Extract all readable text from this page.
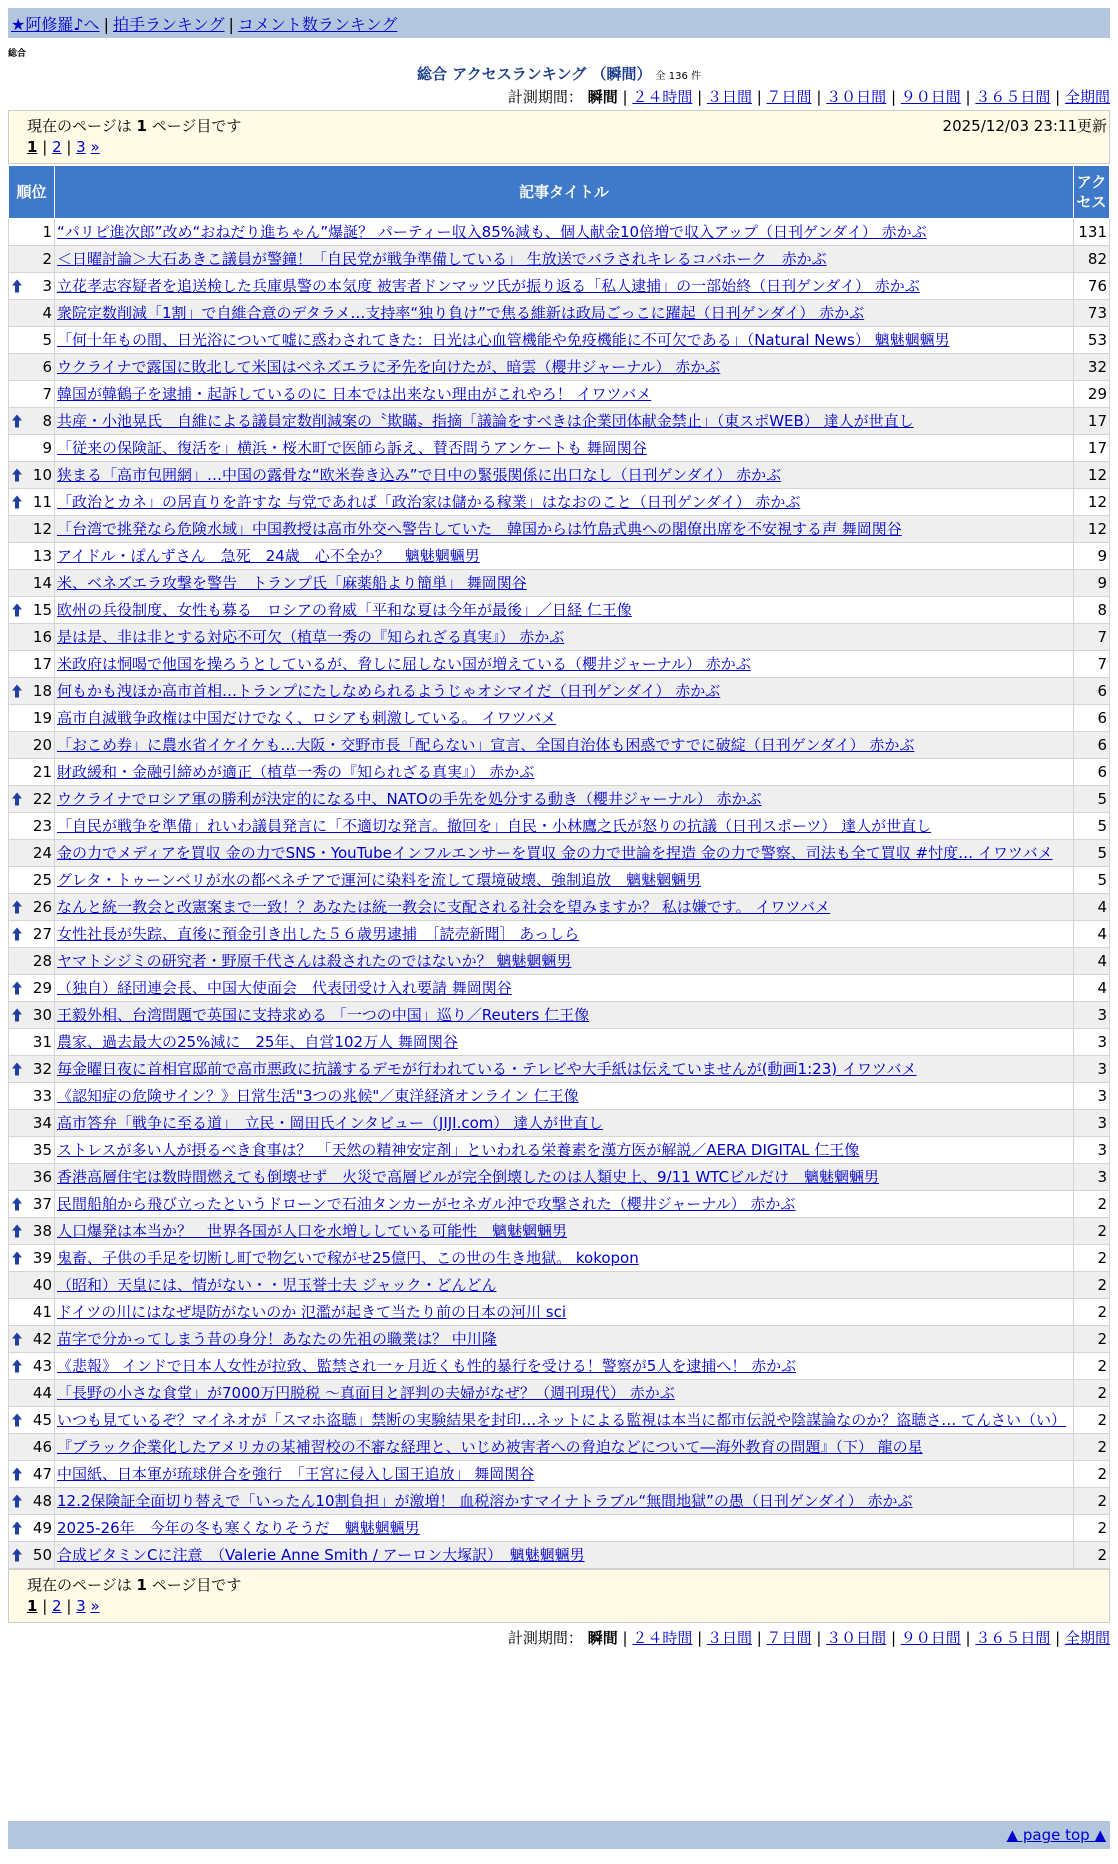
★阿修羅♪へ | 拍手ランキング | コメント数ランキング
総合
総合 アクセスランキング （瞬間） 全 136 件
計測期間： 瞬間 | ２４時間 | ３日間 | ７日間 | ３０日間 | ９０日間 | ３６５日間 | 全期間
現在のページは 1 ページ目です	2025/12/03 23:11更新
1 | 2 | 3 »
順位	記事タイトル	アクセス
1	“パリピ進次郎”改め“おねだり進ちゃん”爆誕？ パーティー収入85%減も、個人献金10倍増で収入アップ（日刊ゲンダイ） 赤かぶ	131
2	＜日曜討論＞大石あきこ議員が警鐘！「自民党が戦争準備している」 生放送でバラされキレるコバホーク　赤かぶ	82

3	立花孝志容疑者を追送検した兵庫県警の本気度 被害者ドンマッツ氏が振り返る「私人逮捕」の一部始終（日刊ゲンダイ） 赤かぶ	76
4	衆院定数削減「1割」で自維合意のデタラメ…支持率“独り負け”で焦る維新は政局ごっこに躍起（日刊ゲンダイ） 赤かぶ	73
5	「何十年もの間、日光浴について嘘に惑わされてきた：日光は心血管機能や免疫機能に不可欠である」（Natural News） 魑魅魍魎男	53
6	ウクライナで露国に敗北して米国はベネズエラに矛先を向けたが、暗雲（櫻井ジャーナル） 赤かぶ	32
7	韓国が韓鶴子を逮捕・起訴しているのに 日本では出来ない理由がこれやろ！ イワツバメ	29

8	共産・小池晃氏　自維による議員定数削減案の〝欺瞞〟指摘「議論をすべきは企業団体献金禁止」（東スポWEB） 達人が世直し	17
9	「従来の保険証、復活を」横浜・桜木町で医師ら訴え、賛否問うアンケートも 舞岡関谷	17

10	狭まる「高市包囲網」…中国の露骨な“欧米巻き込み”で日中の緊張関係に出口なし（日刊ゲンダイ） 赤かぶ	12

11	「政治とカネ」の居直りを許すな 与党であれば「政治家は儲かる稼業」はなおのこと（日刊ゲンダイ） 赤かぶ	12
12	「台湾で挑発なら危険水域」中国教授は高市外交へ警告していた　韓国からは竹島式典への閣僚出席を不安視する声 舞岡関谷	12
13	アイドル・ぽんずさん　急死　24歳　心不全か？　魑魅魍魎男	9
14	米、ベネズエラ攻撃を警告　トランプ氏「麻薬船より簡単」 舞岡関谷	9

15	欧州の兵役制度、女性も募る　ロシアの脅威「平和な夏は今年が最後」／日経 仁王像	8
16	是は是、非は非とする対応不可欠（植草一秀の『知られざる真実』） 赤かぶ	7
17	米政府は恫喝で他国を操ろうとしているが、脅しに屈しない国が増えている（櫻井ジャーナル） 赤かぶ	7

18	何もかも洩ほか高市首相…トランプにたしなめられるようじゃオシマイだ（日刊ゲンダイ） 赤かぶ	6
19	高市自滅戦争政権は中国だけでなく、ロシアも刺激している。 イワツバメ	6
20	「おこめ券」に農水省イケイケも…大阪・交野市長「配らない」宣言、全国自治体も困惑ですでに破綻（日刊ゲンダイ） 赤かぶ	6
21	財政緩和・金融引締めが適正（植草一秀の『知られざる真実』） 赤かぶ	6

22	ウクライナでロシア軍の勝利が決定的になる中、NATOの手先を処分する動き（櫻井ジャーナル） 赤かぶ	5
23	「自民が戦争を準備」れいわ議員発言に「不適切な発言。撤回を」自民・小林鷹之氏が怒りの抗議（日刊スポーツ） 達人が世直し	5
24	金の力でメディアを買収 金の力でSNS・YouTubeインフルエンサーを買収 金の力で世論を捏造 金の力で警察、司法も全て買収 #忖度… イワツバメ	5
25	グレタ・トゥーンベリが水の都ベネチアで運河に染料を流して環境破壊、強制追放　魑魅魍魎男	5

26	なんと統一教会と改憲案まで一致！？あなたは統一教会に支配される社会を望みますか？ 私は嫌です。 イワツバメ	4

27	女性社長が失踪、直後に預金引き出した５６歳男逮捕　［読売新聞］ あっしら	4
28	ヤマトシジミの研究者・野原千代さんは殺されたのではないか？ 魑魅魍魎男	4

29	（独自）経団連会長、中国大使面会　代表団受け入れ要請 舞岡関谷	4

30	王毅外相、台湾問題で英国に支持求める 「一つの中国」巡り／Reuters 仁王像	3
31	農家、過去最大の25%減に　25年、自営102万人 舞岡関谷	3

32	毎金曜日夜に首相官邸前で高市悪政に抗議するデモが行われている・テレビや大手紙は伝えていませんが(動画1:23) イワツバメ	3
33	《認知症の危険サイン？》日常生活"3つの兆候"／東洋経済オンライン 仁王像	3
34	高市答弁「戦争に至る道」　立民・岡田氏インタビュー（JIJI.com） 達人が世直し	3
35	ストレスが多い人が摂るべき食事は？ 「天然の精神安定剤」といわれる栄養素を漢方医が解説／AERA DIGITAL 仁王像	3
36	香港高層住宅は数時間燃えても倒壊せず　火災で高層ビルが完全倒壊したのは人類史上、9/11 WTCビルだけ　魑魅魍魎男	3

37	民間船舶から飛び立ったというドローンで石油タンカーがセネガル沖で攻撃された（櫻井ジャーナル） 赤かぶ	2

38	人口爆発は本当か？　世界各国が人口を水増ししている可能性　魑魅魍魎男	2

39	鬼畜、子供の手足を切断し町で物乞いで稼がせ25億円、この世の生き地獄。 kokopon	2
40	（昭和）天皇には、情がない・・児玉誉士夫 ジャック・どんどん	2
41	ドイツの川にはなぜ堤防がないのか 氾濫が起きて当たり前の日本の河川 sci	2

42	苗字で分かってしまう昔の身分！あなたの先祖の職業は？ 中川隆	2

43	《悲報》 インドで日本人女性が拉致、監禁され一ヶ月近くも性的暴行を受ける！警察が5人を逮捕へ！ 赤かぶ	2
44	「長野の小さな食堂」が7000万円脱税 ～真面目と評判の夫婦がなぜ？（週刊現代） 赤かぶ	2

45	いつも見ているぞ？マイネオが「スマホ盗聴」禁断の実験結果を封印…ネットによる監視は本当に都市伝説や陰謀論なのか？盗聴さ… てんさい（い）	2
46	『ブラック企業化したアメリカの某補習校の不審な経理と、いじめ被害者への脅迫などについて―海外教育の問題』（下） 龍の星	2

47	中国紙、日本軍が琉球併合を強行　「王宮に侵入し国王追放」 舞岡関谷	2

48	12.2保険証全面切り替えで「いったん10割負担」が激増！ 血税溶かすマイナトラブル“無間地獄”の愚（日刊ゲンダイ） 赤かぶ	2

49	2025-26年　今年の冬も寒くなりそうだ　魑魅魍魎男	2

50	合成ビタミンCに注意　（Valerie Anne Smith / アーロン大塚訳）　魑魅魍魎男	2
現在のページは 1 ページ目です
1 | 2 | 3 »
計測期間： 瞬間 | ２４時間 | ３日間 | ７日間 | ３０日間 | ９０日間 | ３６５日間 | 全期間
▲ page top ▲
